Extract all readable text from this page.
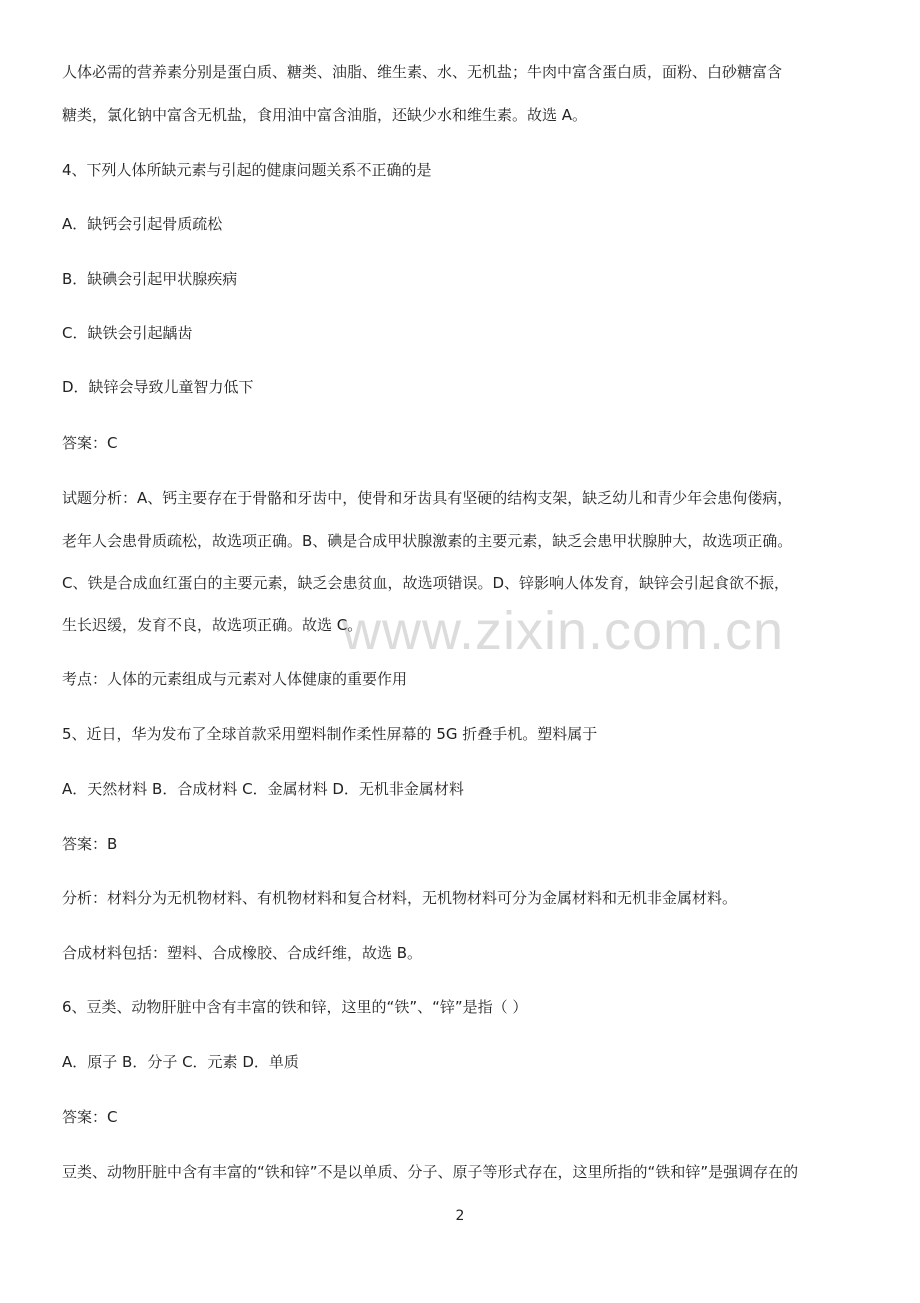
www.zixin.com.cn
人体必需的营养素分别是蛋白质、糖类、油脂、维生素、水、无机盐；牛肉中富含蛋白质，面粉、白砂糖富含
糖类，氯化钠中富含无机盐，食用油中富含油脂，还缺少水和维生素。故选 A。
4、下列人体所缺元素与引起的健康问题关系不正确的是
A．缺钙会引起骨质疏松
B．缺碘会引起甲状腺疾病
C．缺铁会引起龋齿
D．缺锌会导致儿童智力低下
答案：C
试题分析：A、钙主要存在于骨骼和牙齿中，使骨和牙齿具有坚硬的结构支架，缺乏幼儿和青少年会患佝偻病，
老年人会患骨质疏松，故选项正确。B、碘是合成甲状腺激素的主要元素，缺乏会患甲状腺肿大，故选项正确。
C、铁是合成血红蛋白的主要元素，缺乏会患贫血，故选项错误。D、锌影响人体发育，缺锌会引起食欲不振，
生长迟缓，发育不良，故选项正确。故选 C。
考点：人体的元素组成与元素对人体健康的重要作用
5、近日，华为发布了全球首款采用塑料制作柔性屏幕的 5G 折叠手机。塑料属于
A．天然材料 B．合成材料 C．金属材料 D．无机非金属材料
答案：B
分析：材料分为无机物材料、有机物材料和复合材料，无机物材料可分为金属材料和无机非金属材料。
合成材料包括：塑料、合成橡胶、合成纤维，故选 B。
6、豆类、动物肝脏中含有丰富的铁和锌，这里的“铁”、“锌”是指（ ）
A．原子 B．分子 C．元素 D．单质
答案：C
豆类、动物肝脏中含有丰富的“铁和锌”不是以单质、分子、原子等形式存在，这里所指的“铁和锌”是强调存在的
2
